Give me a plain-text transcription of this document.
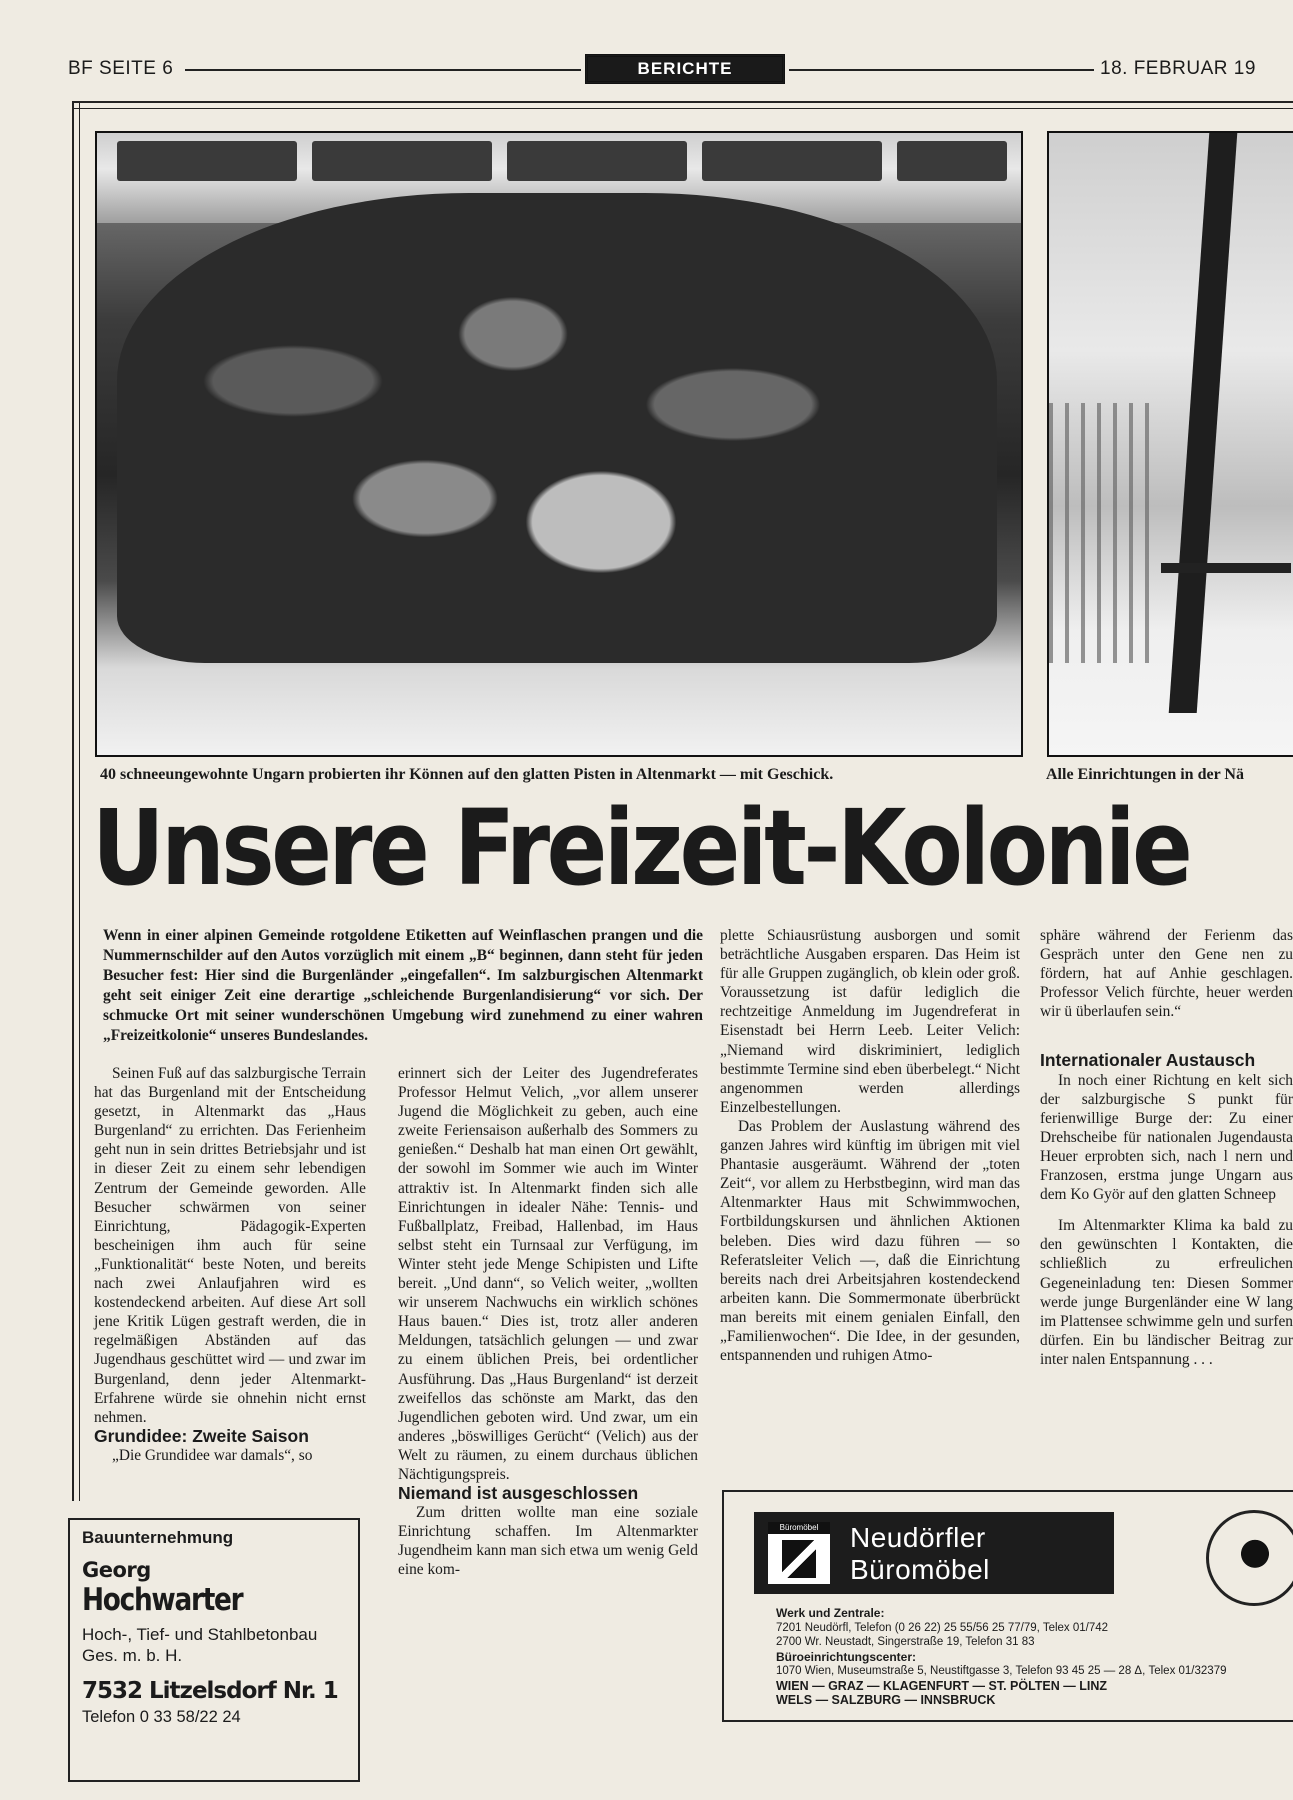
BF SEITE 6	BERICHTE	18. FEBRUAR 19
40 schneeungewohnte Ungarn probierten ihr Können auf den glatten Pisten in Altenmarkt — mit Geschick.	Alle Einrichtungen in der Nä
Unsere Freizeit-Kolonie
Wenn in einer alpinen Gemeinde rotgoldene Etiketten auf Weinflaschen prangen und die Nummernschilder auf den Autos vorzüglich mit einem „B“ beginnen, dann steht für jeden Besucher fest: Hier sind die Burgenländer „eingefallen“. Im salzburgischen Altenmarkt geht seit einiger Zeit eine derartige „schleichende Burgenlandisierung“ vor sich. Der schmucke Ort mit seiner wunderschönen Umgebung wird zunehmend zu einer wahren „Freizeitkolonie“ unseres Bundeslandes.

Seinen Fuß auf das salzburgische Terrain hat das Burgenland mit der Entscheidung gesetzt, in Altenmarkt das „Haus Burgenland“ zu errichten. Das Ferienheim geht nun in sein drittes Betriebsjahr und ist in dieser Zeit zu einem sehr lebendigen Zentrum der Gemeinde geworden. Alle Besucher schwärmen von seiner Einrichtung, Pädagogik-Experten bescheinigen ihm auch für seine „Funktionalität“ beste Noten, und bereits nach zwei Anlaufjahren wird es kostendeckend arbeiten. Auf diese Art soll jene Kritik Lügen gestraft werden, die in regelmäßigen Abständen auf das Jugendhaus geschüttet wird — und zwar im Burgenland, denn jeder Altenmarkt-Erfahrene würde sie ohnehin nicht ernst nehmen.

Grundidee: Zweite Saison

„Die Grundidee war damals“, so

erinnert sich der Leiter des Jugendreferates Professor Helmut Velich, „vor allem unserer Jugend die Möglichkeit zu geben, auch eine zweite Feriensaison außerhalb des Sommers zu genießen.“ Deshalb hat man einen Ort gewählt, der sowohl im Sommer wie auch im Winter attraktiv ist. In Altenmarkt finden sich alle Einrichtungen in idealer Nähe: Tennis- und Fußballplatz, Freibad, Hallenbad, im Haus selbst steht ein Turnsaal zur Verfügung, im Winter steht jede Menge Schipisten und Lifte bereit. „Und dann“, so Velich weiter, „wollten wir unserem Nachwuchs ein wirklich schönes Haus bauen.“ Dies ist, trotz aller anderen Meldungen, tatsächlich gelungen — und zwar zu einem üblichen Preis, bei ordentlicher Ausführung. Das „Haus Burgenland“ ist derzeit zweifellos das schönste am Markt, das den Jugendlichen geboten wird. Und zwar, um ein anderes „böswilliges Gerücht“ (Velich) aus der Welt zu räumen, zu einem durchaus üblichen Nächtigungspreis.

Niemand ist ausgeschlossen

Zum dritten wollte man eine soziale Einrichtung schaffen. Im Altenmarkter Jugendheim kann man sich etwa um wenig Geld eine kom-

plette Schiausrüstung ausborgen und somit beträchtliche Ausgaben ersparen. Das Heim ist für alle Gruppen zugänglich, ob klein oder groß. Voraussetzung ist dafür lediglich die rechtzeitige Anmeldung im Jugendreferat in Eisenstadt bei Herrn Leeb. Leiter Velich: „Niemand wird diskriminiert, lediglich bestimmte Termine sind eben überbelegt.“ Nicht angenommen werden allerdings Einzelbestellungen.

Das Problem der Auslastung während des ganzen Jahres wird künftig im übrigen mit viel Phantasie ausgeräumt. Während der „toten Zeit“, vor allem zu Herbstbeginn, wird man das Altenmarkter Haus mit Schwimmwochen, Fortbildungskursen und ähnlichen Aktionen beleben. Dies wird dazu führen — so Referatsleiter Velich —, daß die Einrichtung bereits nach drei Arbeitsjahren kostendeckend arbeiten kann. Die Sommermonate überbrückt man bereits mit einem genialen Einfall, den „Familienwochen“. Die Idee, in der gesunden, entspannenden und ruhigen Atmo-

sphäre während der Ferienm das Gespräch unter den Gene nen zu fördern, hat auf Anhie geschlagen. Professor Velich fürchte, heuer werden wir ü überlaufen sein.“

Internationaler Austausch

In noch einer Richtung en kelt sich der salzburgische S punkt für ferienwillige Burge der: Zu einer Drehscheibe für nationalen Jugendausta Heuer erprobten sich, nach l nern und Franzosen, erstma junge Ungarn aus dem Ko Györ auf den glatten Schneep

Im Altenmarkter Klima ka bald zu den gewünschten l Kontakten, die schließlich zu erfreulichen Gegeneinladung ten: Diesen Sommer werde junge Burgenländer eine W lang im Plattensee schwimme geln und surfen dürfen. Ein bu ländischer Beitrag zur inter nalen Entspannung . . .

Bauunternehmung
Georg
Hochwarter
Hoch-, Tief- und Stahlbetonbau
Ges. m. b. H.
7532 Litzelsdorf Nr. 1
Telefon 0 33 58/22 24
Büromöbel	Neudörfler
Büromöbel
Werk und Zentrale:
7201 Neudörfl, Telefon (0 26 22) 25 55/56 25 77/79, Telex 01/742
2700 Wr. Neustadt, Singerstraße 19, Telefon 31 83
Büroeinrichtungscenter:
1070 Wien, Museumstraße 5, Neustiftgasse 3, Telefon 93 45 25 — 28 Δ, Telex 01/32379
WIEN — GRAZ — KLAGENFURT — ST. PÖLTEN — LINZ
WELS — SALZBURG — INNSBRUCK
